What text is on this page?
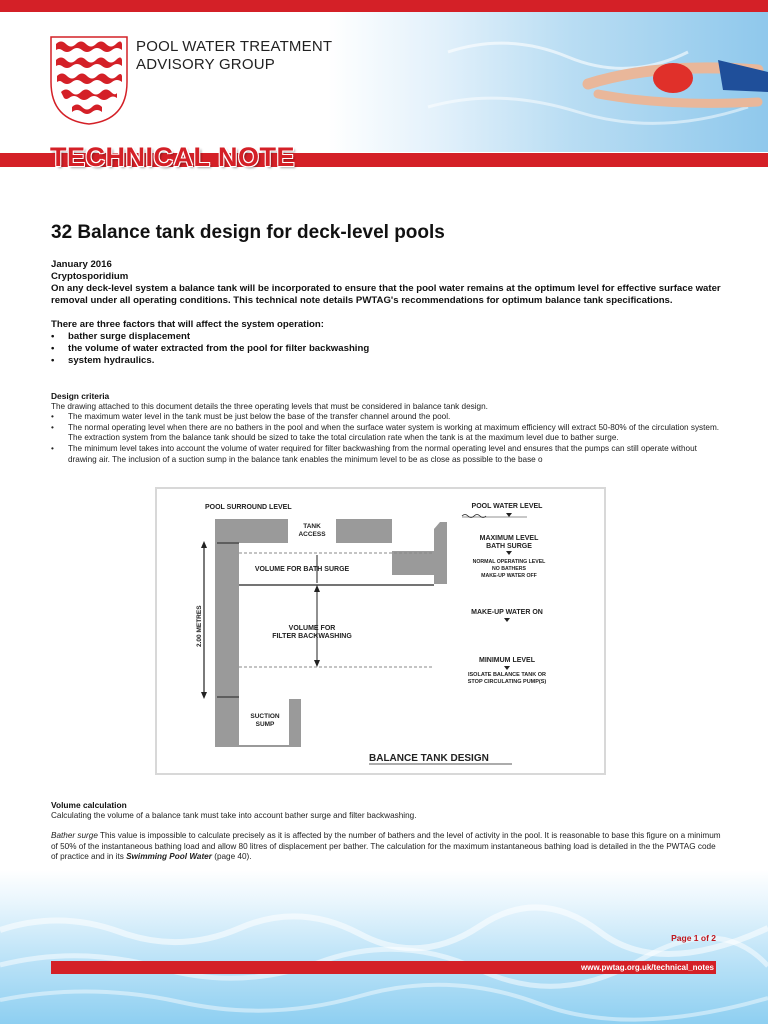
POOL WATER TREATMENT
ADVISORY GROUP
TECHNICAL NOTE
32 Balance tank design for deck-level pools

January 2016

Cryptosporidium

On any deck-level system a balance tank will be incorporated to ensure that the pool water remains at the optimum level for effective surface water removal under all operating conditions. This technical note details PWTAG's recommendations for optimum balance tank specifications.

There are three factors that will affect the system operation:

• bather surge displacement
• the volume of water extracted from the pool for filter backwashing
• system hydraulics.
Design criteria
The drawing attached to this document details the three operating levels that must be considered in balance tank design.
• The maximum water level in the tank must be just below the base of the transfer channel around the pool.
• The normal operating level when there are no bathers in the pool and when the surface water system is working at maximum efficiency will extract 50-80% of the circulation system. The extraction system from the balance tank should be sized to take the total circulation rate when the tank is at the maximum level due to bather surge.
• The minimum level takes into account the volume of water required for filter backwashing from the normal operating level and ensures that the pumps can still operate without drawing air. The inclusion of a suction sump in the balance tank enables the minimum level to be as close as possible to the base o
POOL SURROUND LEVEL
TANK
ACCESS
VOLUME FOR BATH SURGE
VOLUME FOR
FILTER BACKWASHING
2.00 METRES
SUCTION
SUMP
POOL WATER LEVEL
MAXIMUM LEVEL
BATH SURGE
NORMAL OPERATING LEVEL
NO BATHERS
MAKE-UP WATER OFF
MAKE-UP WATER ON
MINIMUM LEVEL
ISOLATE BALANCE TANK OR
STOP CIRCULATING PUMP(S)
BALANCE TANK DESIGN
Volume calculation

Calculating the volume of a balance tank must take into account bather surge and filter backwashing.

Bather surge This value is impossible to calculate precisely as it is affected by the number of bathers and the level of activity in the pool. It is reasonable to base this figure on a minimum of 50% of the instantaneous bathing load and allow 80 litres of displacement per bather. The calculation for the maximum instantaneous bathing load is detailed in the the PWTAG code of practice and in its Swimming Pool Water (page 40).

Page 1 of 2
www.pwtag.org.uk/technical_notes
